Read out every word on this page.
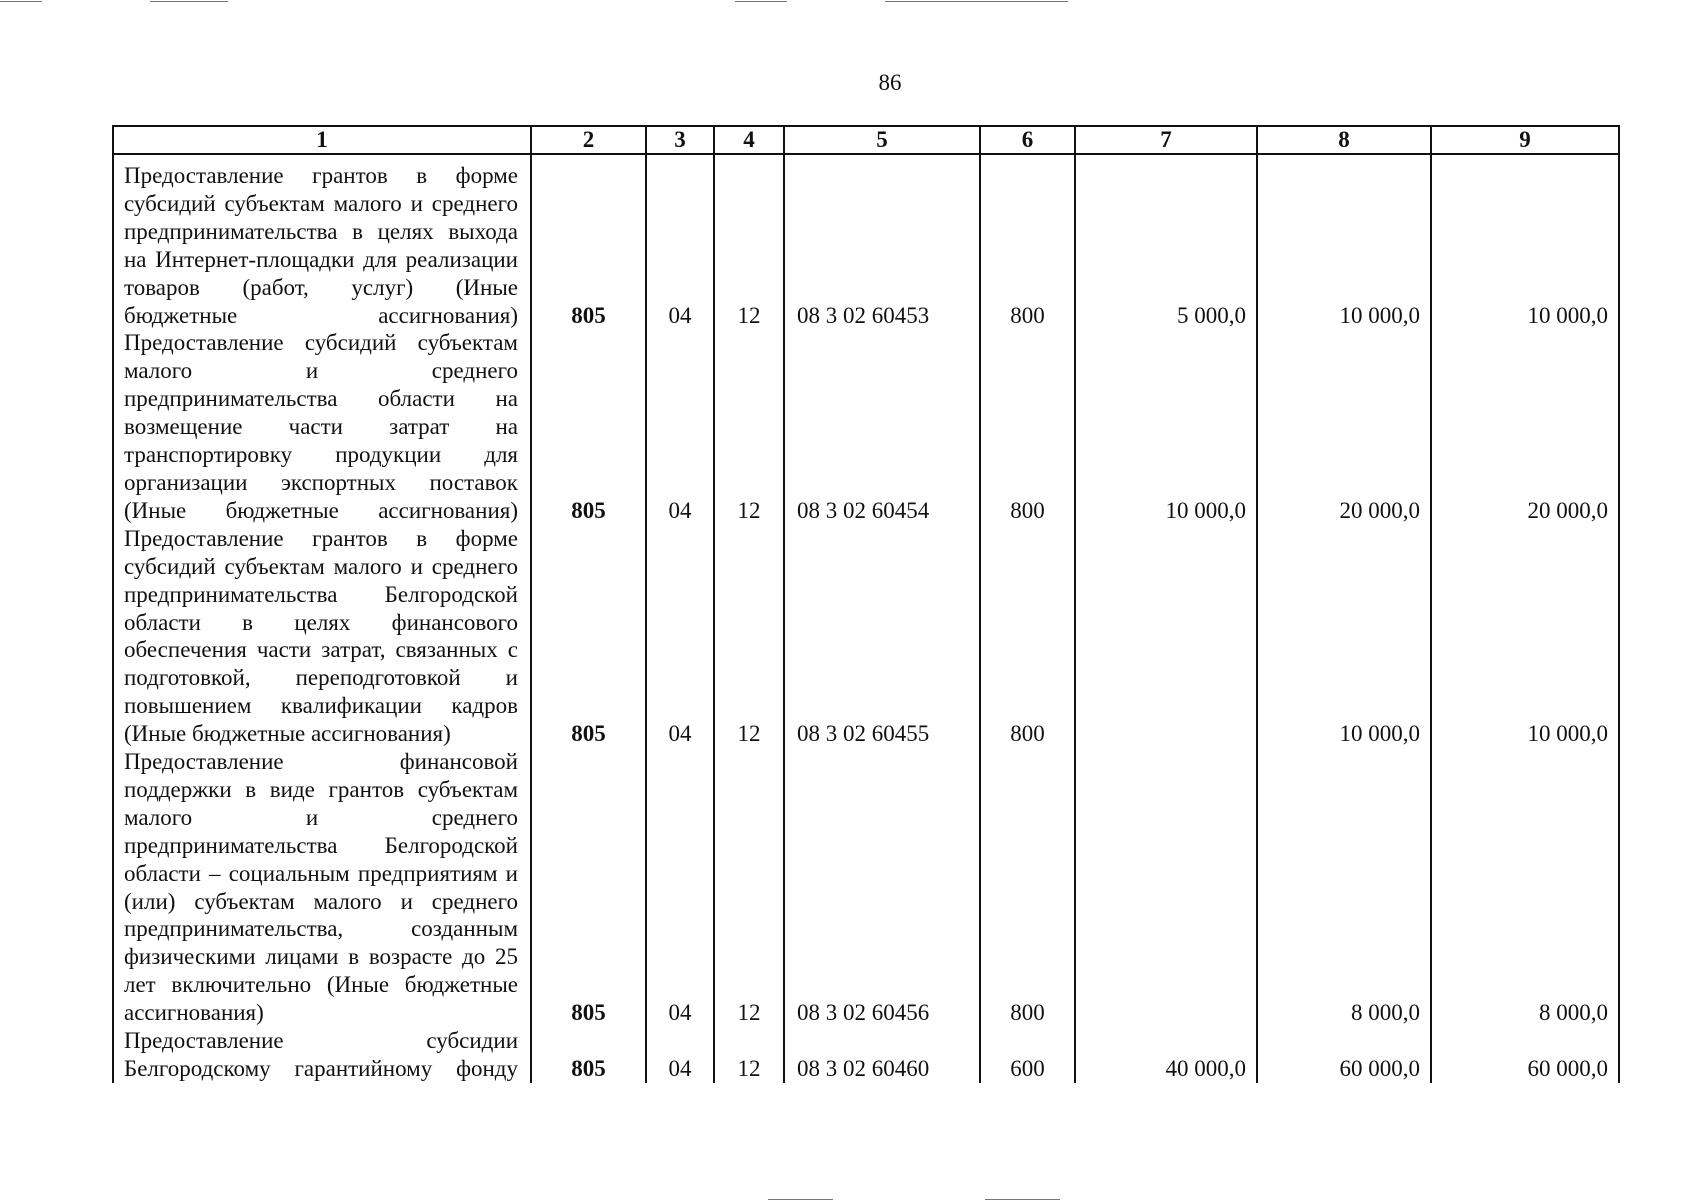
86
1	2	3	4	5	6	7	8	9
Предоставление грантов в форме субсидий субъектам малого и среднего предпринимательства в целях выхода на Интернет-площадки для реализации товаров (работ, услуг) (Иные бюджетные ассигнования)	805	04	12	08 3 02 60453	800	5 000,0	10 000,0	10 000,0
Предоставление субсидий субъектам малого и среднего предпринимательства области на возмещение части затрат на транспортировку продукции для организации экспортных поставок (Иные бюджетные ассигнования)	805	04	12	08 3 02 60454	800	10 000,0	20 000,0	20 000,0
Предоставление грантов в форме субсидий субъектам малого и среднего предпринимательства Белгородской области в целях финансового обеспечения части затрат, связанных с подготовкой, переподготовкой и повышением квалификации кадров (Иные бюджетные ассигнования)	805	04	12	08 3 02 60455	800		10 000,0	10 000,0
Предоставление финансовой поддержки в виде грантов субъектам малого и среднего предпринимательства Белгородской области – социальным предприятиям и (или) субъектам малого и среднего предпринимательства, созданным физическими лицами в возрасте до 25 лет включительно (Иные бюджетные ассигнования)	805	04	12	08 3 02 60456	800		8 000,0	8 000,0

Предоставление субсидии
Белгородскому гарантийному фонду	805	04	12	08 3 02 60460	600	40 000,0	60 000,0	60 000,0
